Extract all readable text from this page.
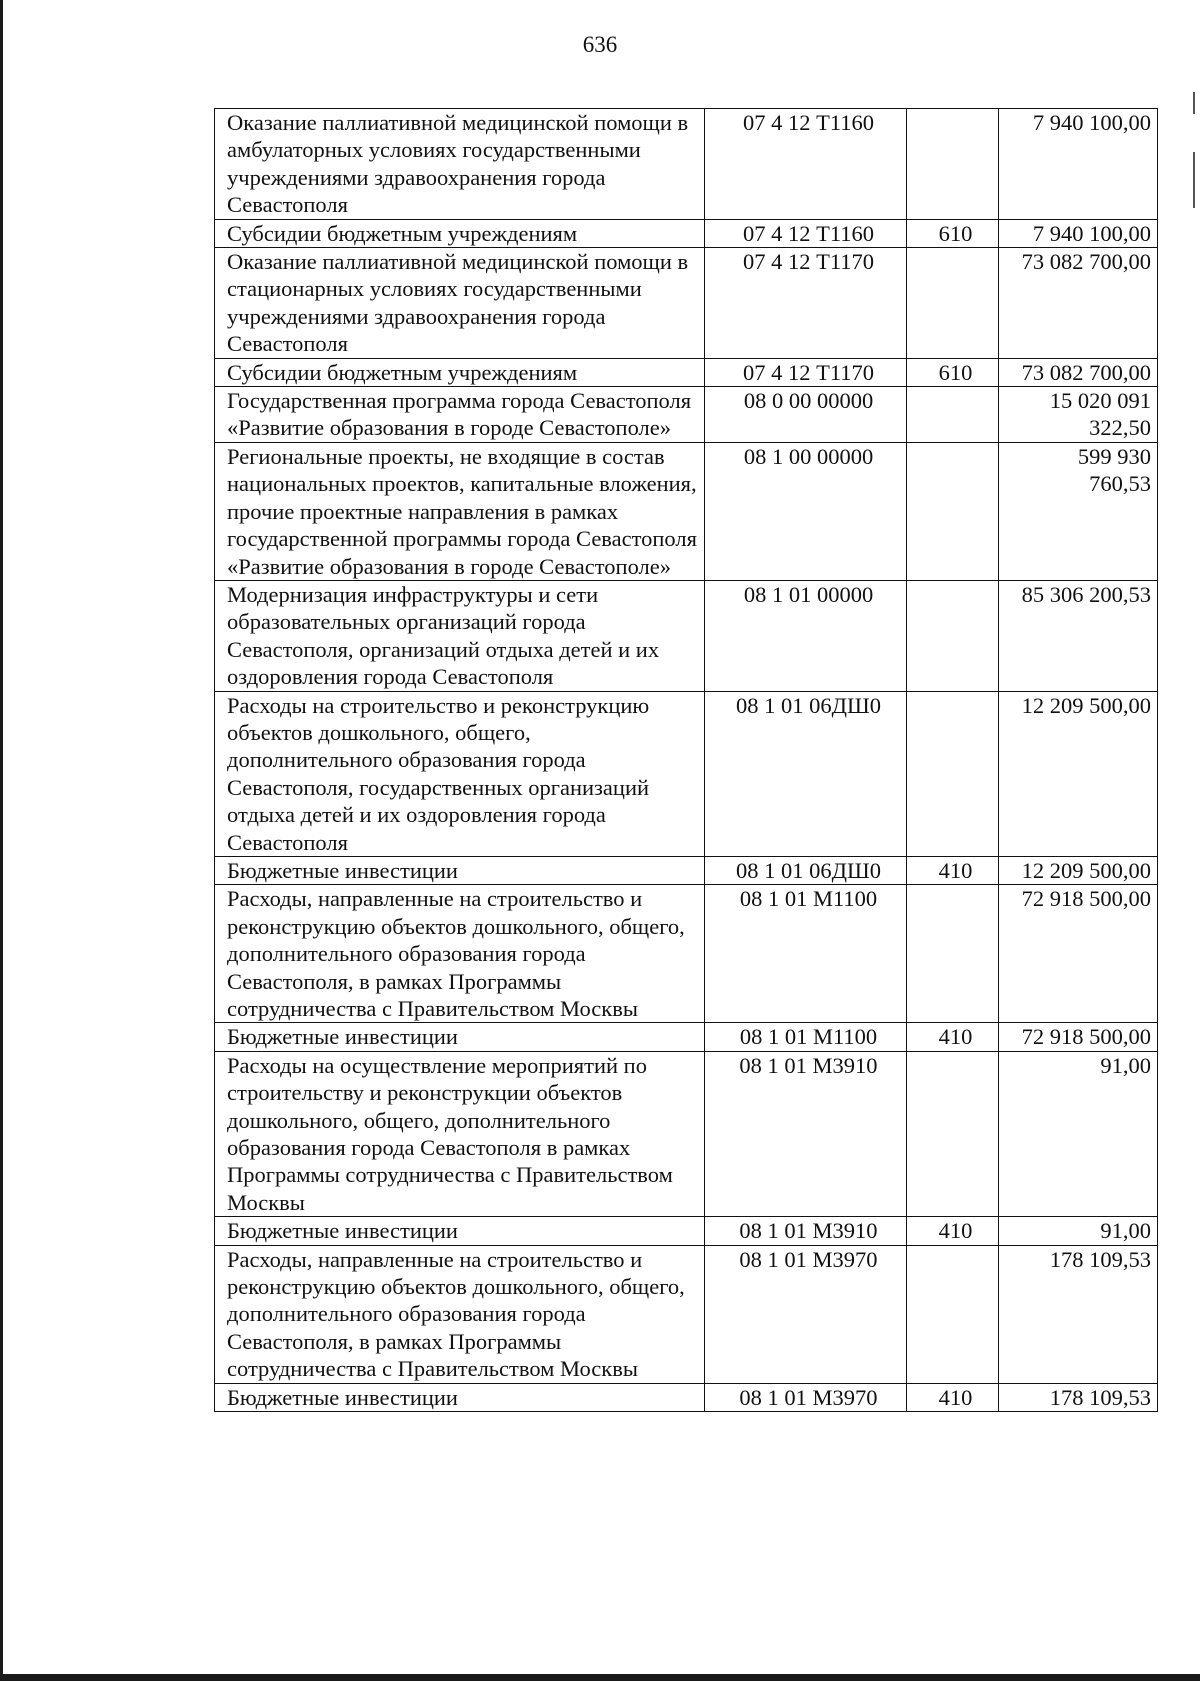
636
Оказание паллиативной медицинской помощи в амбулаторных условиях государственными учреждениями здравоохранения города Севастополя	07 4 12 Т1160		7 940 100,00
Субсидии бюджетным учреждениям	07 4 12 Т1160	610	7 940 100,00
Оказание паллиативной медицинской помощи в стационарных условиях государственными учреждениями здравоохранения города Севастополя	07 4 12 Т1170		73 082 700,00
Субсидии бюджетным учреждениям	07 4 12 Т1170	610	73 082 700,00
Государственная программа города Севастополя «Развитие образования в городе Севастополе»	08 0 00 00000		15 020 091 322,50
Региональные проекты, не входящие в состав национальных проектов, капитальные вложения, прочие проектные направления в рамках государственной программы города Севастополя «Развитие образования в городе Севастополе»	08 1 00 00000		599 930 760,53
Модернизация инфраструктуры и сети образовательных организаций города Севастополя, организаций отдыха детей и их оздоровления города Севастополя	08 1 01 00000		85 306 200,53
Расходы на строительство и реконструкцию объектов дошкольного, общего, дополнительного образования города Севастополя, государственных организаций отдыха детей и их оздоровления города Севастополя	08 1 01 06ДШ0		12 209 500,00
Бюджетные инвестиции	08 1 01 06ДШ0	410	12 209 500,00
Расходы, направленные на строительство и реконструкцию объектов дошкольного, общего, дополнительного образования города Севастополя, в рамках Программы сотрудничества с Правительством Москвы	08 1 01 М1100		72 918 500,00
Бюджетные инвестиции	08 1 01 М1100	410	72 918 500,00
Расходы на осуществление мероприятий по строительству и реконструкции объектов дошкольного, общего, дополнительного образования города Севастополя в рамках Программы сотрудничества с Правительством Москвы	08 1 01 М3910		91,00
Бюджетные инвестиции	08 1 01 М3910	410	91,00
Расходы, направленные на строительство и реконструкцию объектов дошкольного, общего, дополнительного образования города Севастополя, в рамках Программы сотрудничества с Правительством Москвы	08 1 01 М3970		178 109,53
Бюджетные инвестиции	08 1 01 М3970	410	178 109,53
